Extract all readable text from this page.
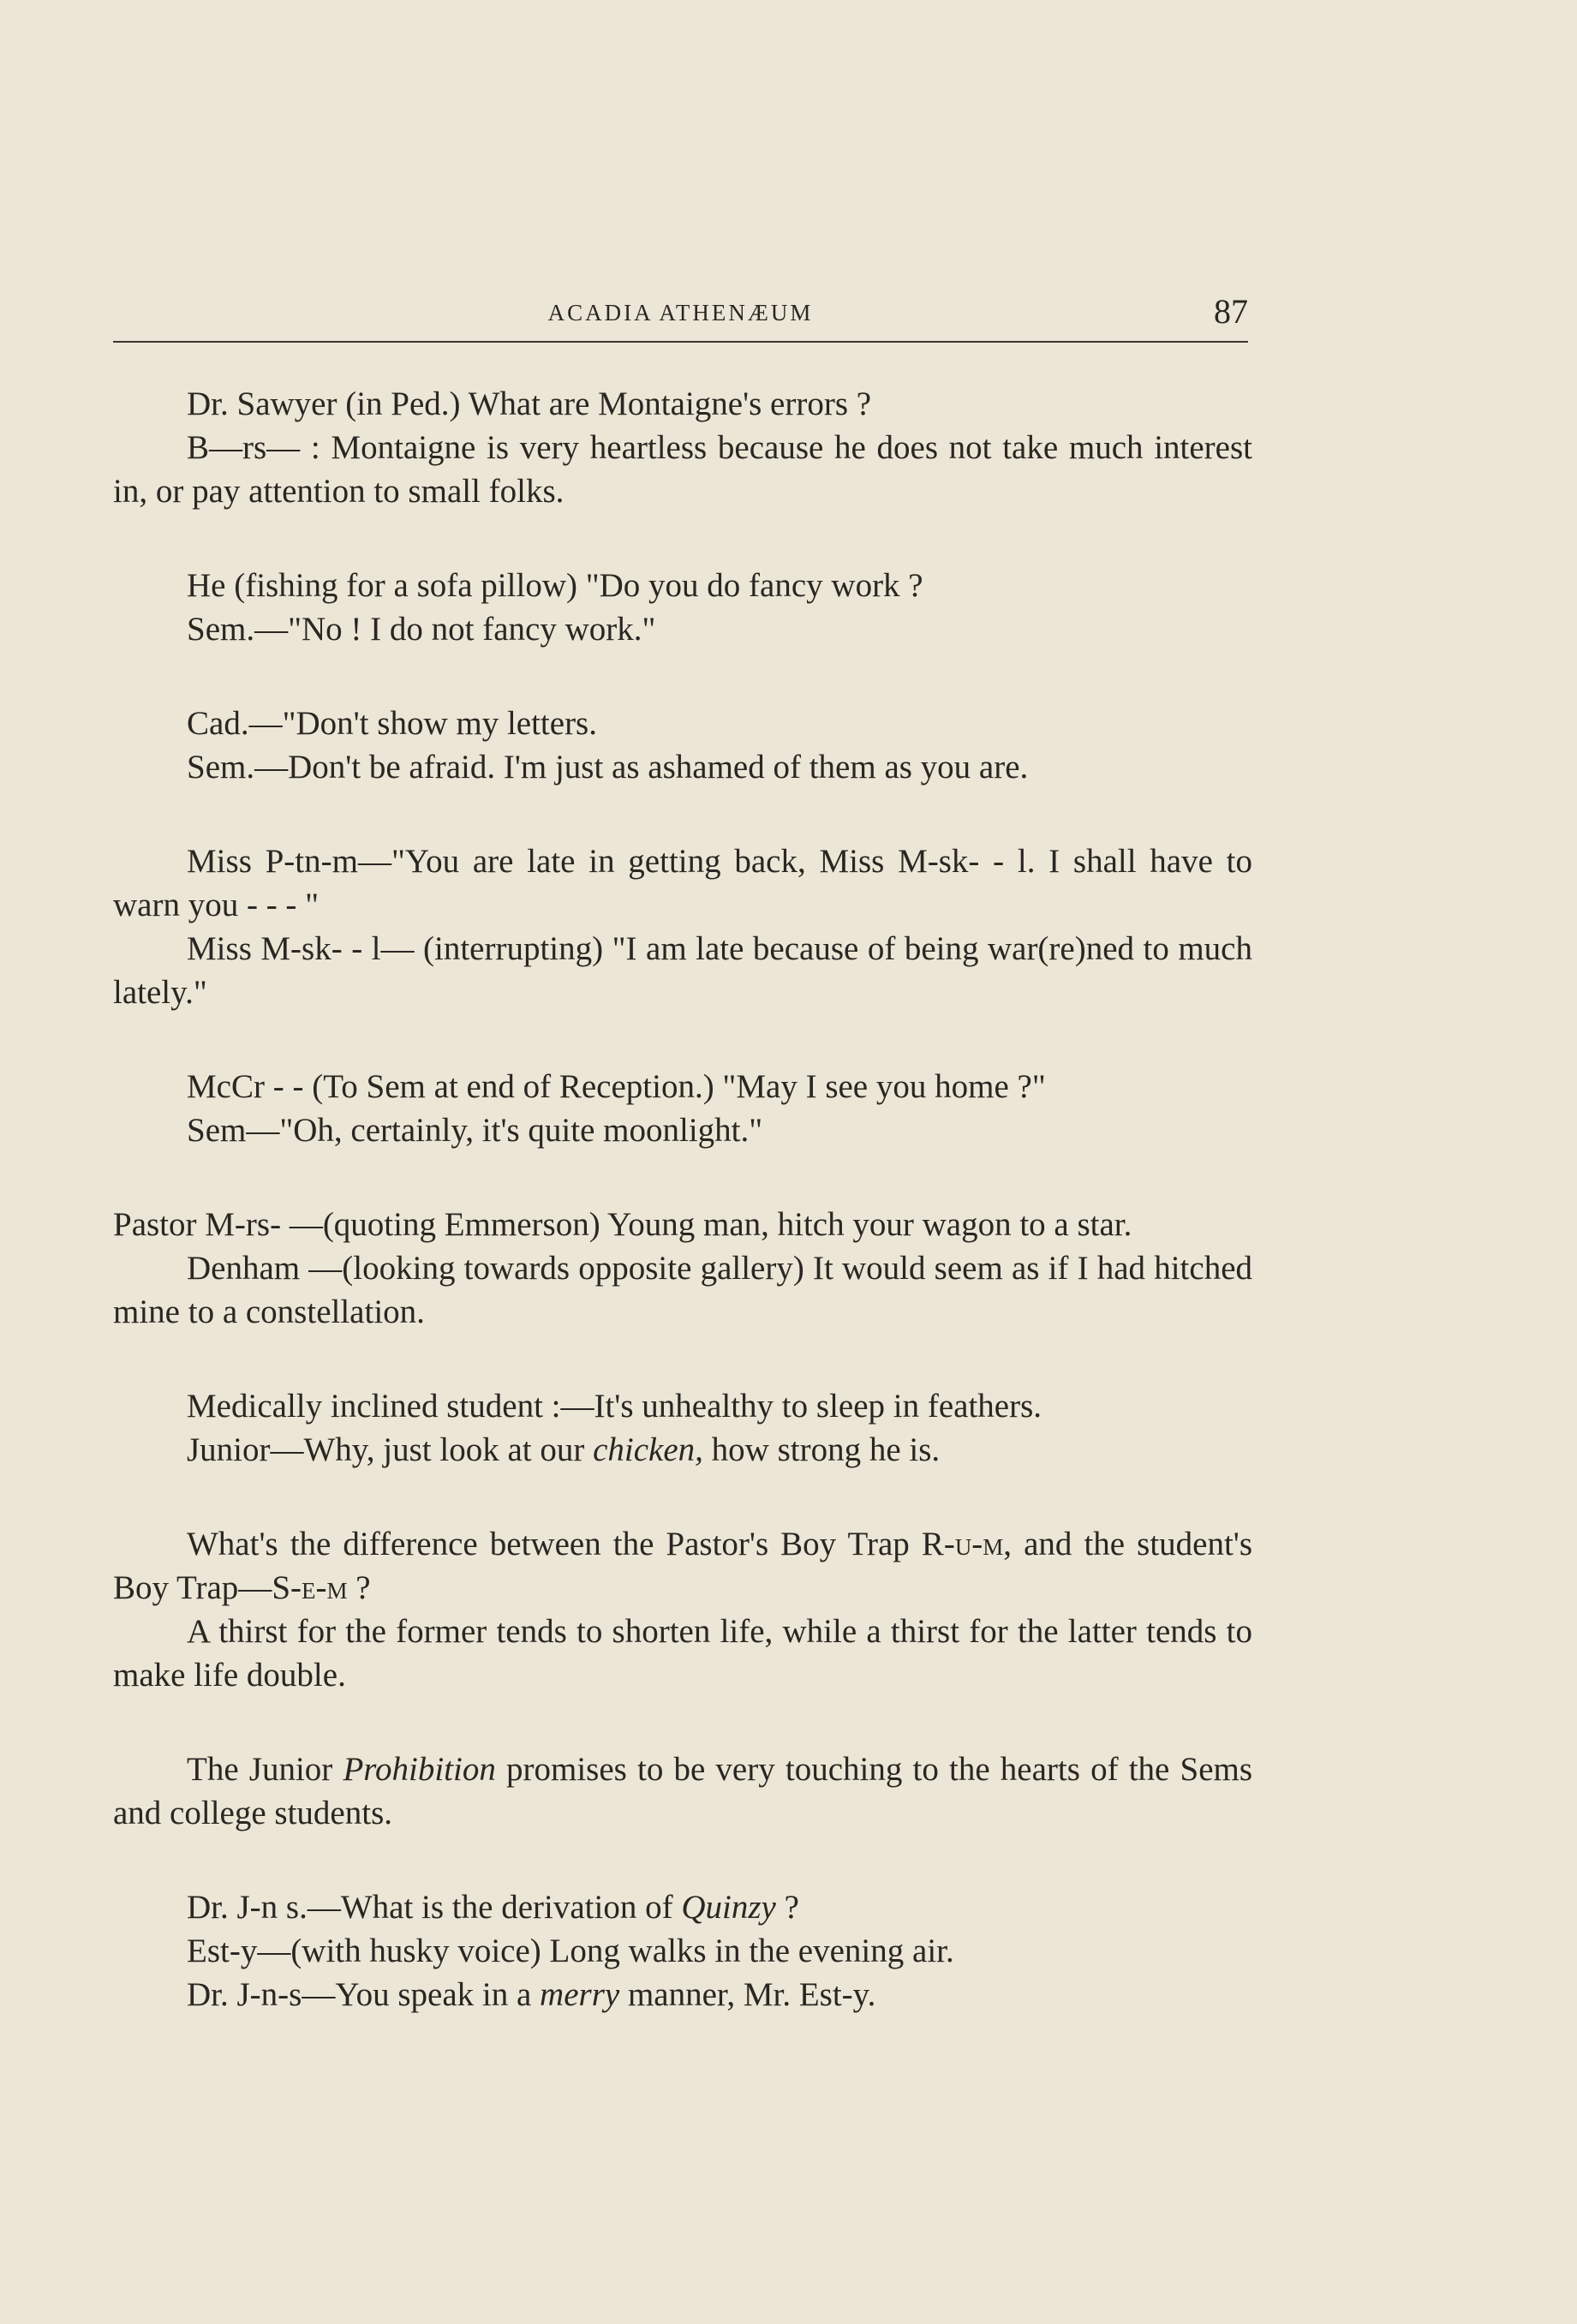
ACADIA ATHENÆUM	87

Dr. Sawyer (in Ped.) What are Montaigne's errors ?

B—rs— : Montaigne is very heartless because he does not take much interest in, or pay attention to small folks.

He (fishing for a sofa pillow) "Do you do fancy work ?

Sem.—"No ! I do not fancy work."

Cad.—"Don't show my letters.

Sem.—Don't be afraid. I'm just as ashamed of them as you are.

Miss P-tn-m—"You are late in getting back, Miss M-sk- - l. I shall have to warn you - - - "

Miss M-sk- - l— (interrupting) "I am late because of being war(re)ned to much lately."

McCr - - (To Sem at end of Reception.) "May I see you home ?"

Sem—"Oh, certainly, it's quite moonlight."

Pastor M-rs- —(quoting Emmerson) Young man, hitch your wagon to a star.

Denham —(looking towards opposite gallery) It would seem as if I had hitched mine to a constellation.

Medically inclined student :—It's unhealthy to sleep in feathers.

Junior—Why, just look at our chicken, how strong he is.

What's the difference between the Pastor's Boy Trap R-u-m, and the student's Boy Trap—S-e-m ?

A thirst for the former tends to shorten life, while a thirst for the latter tends to make life double.

The Junior Prohibition promises to be very touching to the hearts of the Sems and college students.

Dr. J-n s.—What is the derivation of Quinzy ?

Est-y—(with husky voice) Long walks in the evening air.

Dr. J-n-s—You speak in a merry manner, Mr. Est-y.
